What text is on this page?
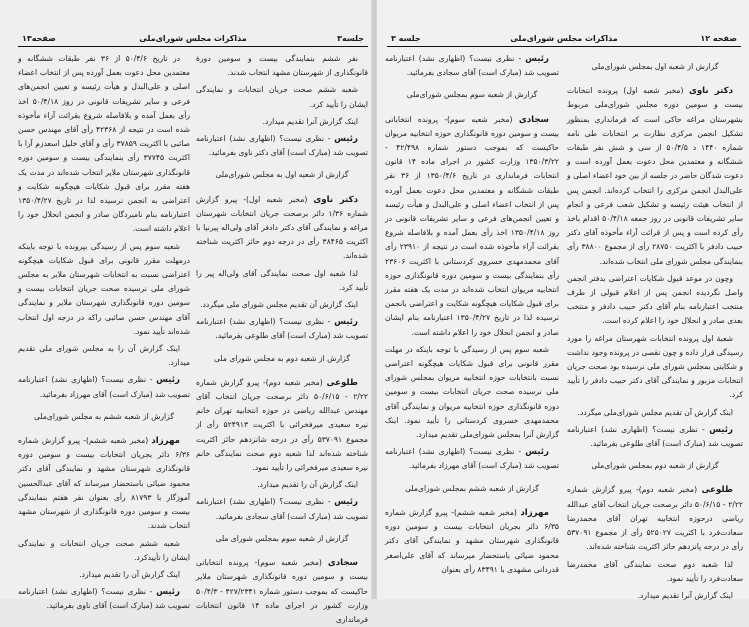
جلسه۳
مذاکرات مجلس شورای‌ملی
صفحه۱۳

نفر ششم بنمایندگی بیست و سومین دورهٔ قانونگذاری از شهرستان مشهد انتخاب شدند.

شعبه ششم صحت جریان انتخابات و نمایندگی ایشان را تأیید کرد.

اینک گزارش آنرا تقدیم میدارد.

رئیس - نظری نیست؟ (اظهاری نشد) اعتبارنامه تصویب شد (مبارک است) آقای دکتر ناوی بفرمائید.

گزارش از شعبه اول به مجلس شورای‌ملی

دکتر ناوی (مخبر شعبه اول)- پیرو گزارش شماره ۱/۳۶ دائر برصحت جریان انتخابات شهرستان مراغه و نمایندگی آقای دکتر دادفر آقای ولی‌اله پیرنیا با اکثریت ۳۸۴۶۵ رأی در درجه دوم حائز اکثریت شناخته شده‌اند.

لذا شعبه اول صحت نمایندگی آقای ولی‌اله پیر را تأیید کرد.

اینک گزارش آن تقدیم مجلس شورای ملی میگردد.

رئیس - نظری نیست؟ (اظهاری نشد) اعتبارنامه تصویب شد (مبارک است) آقای طلوعی بفرمائید.

گزارش از شعبه دوم به مجلس شورای ملی

طلوعی (مخبر شعبه دوم)- پیرو گزارش شماره ۲/۲۲ - ۵۰/۶/۱۵ دائر برصحت جریان انتخاب آقای مهندس عبدالله ریاضی در حوزه انتخابیه تهران خانم نیره سعیدی میرفخرائی با اکثریت ۵۲۴۹۱۳ رأی از مجموع ۵۳۷۰۹۱ رأی در درجه شانزدهم حائز اکثریت شناخته شده‌اند لذا شعبه دوم صحت نمایندگی خانم نیره سعیدی میرفخرائی را تأیید نمود.

اینک گزارش آن را تقدیم میدارد.

رئیس - نظری نیست؟ (اظهاری نشد) اعتبارنامه تصویب شد (مبارک است) آقای سجادی بفرمائید.

گزارش از شعبه سوم بمجلس شورای ملی

سجادی (مخبر شعبه سوم)- پرونده انتخاباتی بیست و سومین دوره قانونگذاری شهرستان ملایر حاکیست که بموجب دستور شماره ۴۲۷/۲۳۴۱ - ۵۰/۴/۳ وزارت کشور در اجرای ماده ۱۴ قانون انتخابات فرمانداری

در تاریخ ۵۰/۴/۶ از ۳۶ نفر طبقات ششگانه و معتمدین محل دعوت بعمل آورده پس از انتخاب اعضاء اصلی و علی‌البدل و هیأت رئیسه و تعیین انجمن‌های فرعی و سایر تشریفات قانونی در روز ۵۰/۴/۱۸ اخذ رأی بعمل آمده و بلافاصله شروع بقرائت آراء مأخوذه شده است در نتیجه از ۴۲۳۶۸ رأی آقای مهندس حسن صائبی با اکثریت ۳۷۸۵۹ رأی و آقای خلیل اسعدزم آرا با اکثریت ۳۷۷۴۵ رأی بنمایندگی بیست و سومین دوره قانونگذاری شهرستان ملایر انتخاب شده‌اند در مدت یک هفته مقرر برای قبول شکایات هیچگونه شکایت و اعتراضی به انجمن نرسیده لذا در تاریخ ۱۳۵۰/۴/۲۷ اعتبارنامه بنام نامبردگان صادر و انجمن انحلال خود را اعلام داشته است.

شعبه سوم پس از رسیدگی بپرونده با توجه باینکه درمهلت مقرر قانونی برای قبول شکایات هیچگونه اعتراضی نسبت به انتخابات شهرستان ملایر به مجلس شورای ملی نرسیده صحت جریان انتخابات بیست و سومین دوره قانونگذاری شهرستان ملایر و نمایندگی آقای مهندس حسن صائبی راکه در درجه اول انتخاب شده‌اند تأیید نمود.

اینک گزارش آن را به مجلس شورای ملی تقدیم میدارد.

رئیس - نظری نیست؟ (اظهاری نشد) اعتبارنامه تصویب شد (مبارک است) آقای مهرزاد بفرمائید.

گزارش از شعبه ششم به مجلس شورای‌ملی

مهرزاد (مخبر شعبه ششم)- پیرو گزارش شماره ۶/۳۶ دائر بجریان انتخابات بیست و سومین دوره قانونگذاری شهرستان مشهد و نمایندگی آقای دکتر محمود ضیائی باستحضار میرساند که آقای عبدالحسین آموزگار با ۸۱۷۹۳ رأی بعنوان نفر هفتم بنمایندگی بیست و سومین دوره قانونگذاری از شهرستان مشهد انتخاب شدند.

شعبه ششم صحت جریان انتخابات و نمایندگی ایشان را تأییدکرد.

اینک گزارش آن را تقدیم میدارد.

رئیس - نظری نیست؟ (اظهاری نشد) اعتبارنامه تصویب شد (مبارک است) آقای ناوی بفرمائید.

صفحه ۱۲
مذاکرات مجلس شورای‌ملی
جلسه ۳

گزارش از شعبه اول بمجلس شورای‌ملی

دکتر ناوی (مخبر شعبه اول) پرونده انتخابات بیست و سومین دوره مجلس شورای‌ملی مربوط بشهرستان مراغه حاکی است که فرمانداری بمنظور تشکیل انجمن مرکزی نظارت بر انتخابات طی نامه شماره ۱۴۴۰ د ۵۰/۴/۵ از سی و شش نفر طبقات ششگانه و معتمدین محل دعوت بعمل آورده است و دعوت شدگان حاضر در جلسه از بین خود اعضاء اصلی و علی‌البدل انجمن مرکزی را انتخاب کرده‌اند. انجمن پس از انتخاب هیئت رئیسه و تشکیل شعب فرعی و انجام سایر تشریفات قانونی در روز جمعه ۵۰/۴/۱۸ اقدام باخذ رأی کرده است و پس از قرائت آراء مأخوذه آقای دکتر حبیب دادفر با اکثریت ۲۸۷۵۰ رأی از مجموع ۳۸۸۰۰ رأی بنمایندگی مجلس شورای ملی انتخاب شده‌اند.

وچون در موعد قبول شکایات اعتراضی بدفتر انجمن واصل نگردیده انجمن پس از اعلام قبولی از طرف منتخب اعتبارنامه بنام آقای دکتر حبیب دادفر و منتخب بعدی صادر و انحلال خود را اعلام کرده است.

شعبهٔ اول پرونده انتخابات شهرستان مراغه را مورد رسیدگی قرار داده و چون نقصی در پرونده وجود نداشت و شکایتی بمجلس شورای ملی نرسیده بود صحت جریان انتخابات مزبور و نمایندگی آقای دکتر حبیب دادفر را تأیید کرد.

اینک گزارش آن تقدیم مجلس شورای‌ملی میگردد.

رئیس - نظری نیست؟ (اظهاری نشد) اعتبارنامه تصویب شد (مبارک است) آقای طلوعی بفرمائید.

گزارش از شعبه دوم بمجلس شورای‌ملی

طلوعی (مخبر شعبه دوم)- پیرو گزارش شماره ۲/۲۲ - ۵۰/۶/۱۵ دائر برصحت جریان انتخاب آقای عبدالله ریاضی درحوزه انتخابیه تهران آقای محمدرضا سعادت‌فرد با اکثریت ۵۲۵۰۲۷ رأی از مجموع ۵۳۷۰۹۱ رأی در درجه پانزدهم حائز اکثریت شناخته شده‌اند.

لذا شعبه دوم صحت نمایندگی آقای محمدرضا سعادت‌فرد را تأیید نمود.

اینک گزارش آنرا تقدیم میدارد.

رئیس - نظری نیست؟ (اظهاری نشد) اعتبارنامه تصویب شد (مبارک است) آقای سجادی بفرمائید.

گزارش از شعبه سوم بمجلس شورای‌ملی

سجادی (مخبر شعبه سوم)- پرونده انتخاباتی بیست و سومین دوره قانونگذاری حوزه انتخابیه مریوان حاکیست که بموجب دستور شماره ۴۲/۴۹۸ - ۱۳۵۰/۳/۲۲ وزارت کشور در اجرای ماده ۱۴ قانون انتخابات فرمانداری در تاریخ ۱۳۵۰/۴/۶ از ۳۶ نفر طبقات ششگانه و معتمدین محل دعوت بعمل آورده پس از انتخاب اعضاء اصلی و علی‌البدل و هیأت رئیسه و تعیین انجمن‌های فرعی و سایر تشریفات قانونی در روز ۱۳۵۰/۴/۱۸ اخذ رأی بعمل آمده و بلافاصله شروع بقرائت آراء مأخوذه شده است در نتیجه از ۲۳۹۱۰ رأی آقای محمدمهدی خسروی کردستانی با اکثریت ۲۳۶۰۶ رأی بنمایندگی بیست و سومین دوره قانونگذاری حوزه انتخابیه مریوان انتخاب شده‌اند در مدت یک هفته مقرر برای قبول شکایات هیچگونه شکایت و اعتراضی بانجمن نرسیده لذا در تاریخ ۱۳۵۰/۴/۲۷ اعتبارنامه بنام ایشان صادر و انجمن انحلال خود را اعلام داشته است.

شعبه سوم پس از رسیدگی با توجه باینکه در مهلت مقرر قانونی برای قبول شکایات هیچگونه اعتراضی نسبت بانتخابات حوزه انتخابیه مریوان بمجلس شورای ملی نرسیده صحت جریان انتخابات بیست و سومین دوره قانونگذاری حوزه انتخابیه مریوان و نمایندگی آقای محمدمهدی خسروی کردستانی را تأیید نمود. اینک گزارش آنرا بمجلس شورای‌ملی تقدیم میدارد.

رئیس - نظری نیست؟ (اظهاری نشد) اعتبارنامه تصویب شد (مبارک است) آقای مهرزاد بفرمائید.

گزارش از شعبه ششم بمجلس شورای‌ملی

مهرزاد (مخبر شعبه ششم)- پیرو گزارش شماره ۶/۳۵ دائر بجریان انتخابات بیست و سومین دوره قانونگذاری شهرستان مشهد و نمایندگی آقای دکتر محمود ضیائی باستحضار میرساند که آقای علی‌اصغر قدردانی مشهدی با ۸۳۴۹۱ رأی بعنوان
